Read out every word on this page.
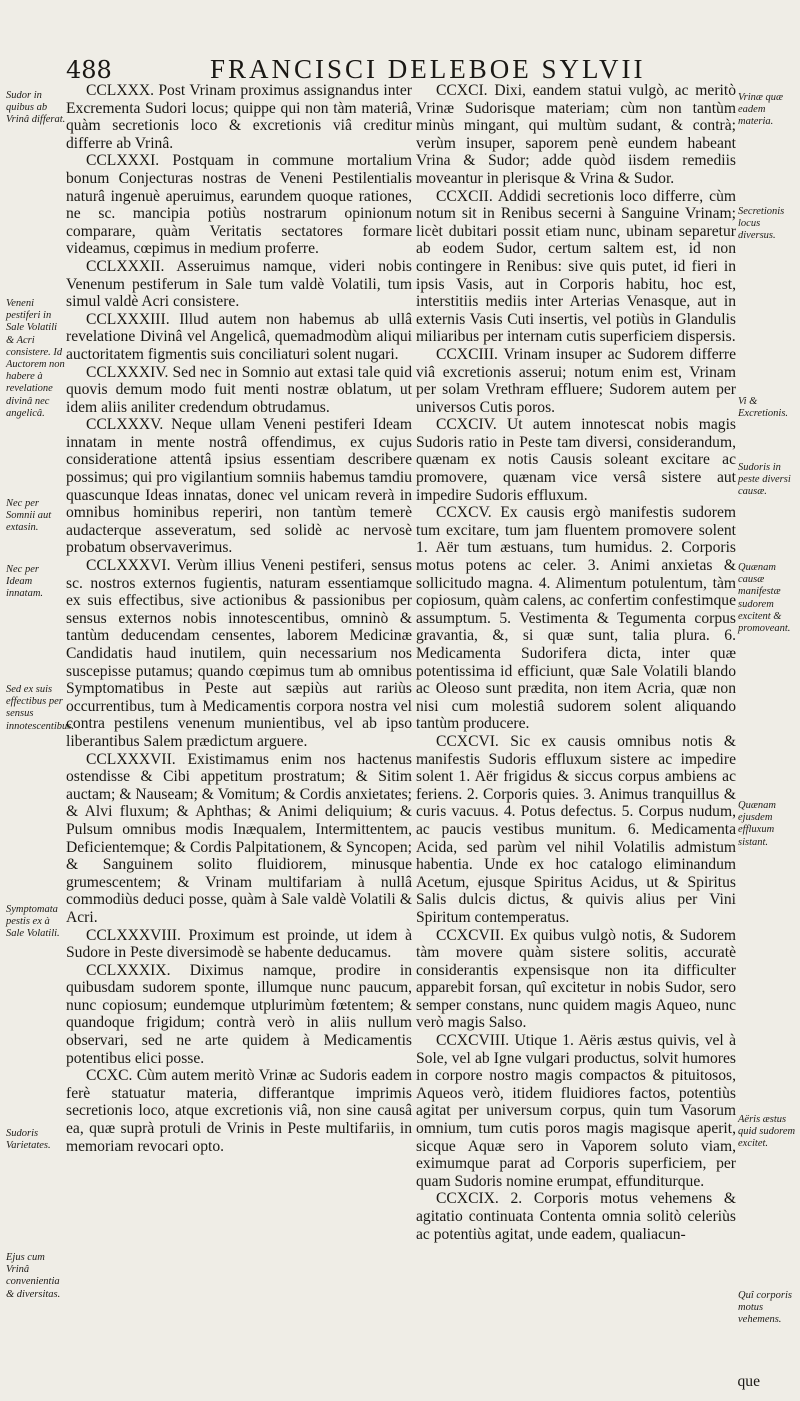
488	FRANCISCI DELEBOE SYLVII
Sudor in quibus ab Vrinâ differat.
Veneni pestiferi in Sale Volatili & Acri consistere. Id Auctorem non habere à revelatione divinâ nec angelicâ.
Nec per Somnii aut extasin.
Nec per Ideam innatam.
Sed ex suis effectibus per sensus innotescentibus.
Symptomata pestis ex à Sale Volatili.
Sudoris Varietates.
Ejus cum Vrinâ convenientia & diversitas.
Vrinæ quæ eadem materia.
Secretionis locus diversus.
Vi & Excretionis.
Sudoris in peste diversi causæ.
Quænam causæ manifestæ sudorem excitent & promoveant.
Quænam ejusdem effluxum sistant.
Aëris æstus quid sudorem excitet.
Quî corporis motus vehemens.

CCLXXX. Post Vrinam proximus assignandus inter Excrementa Sudori locus; quippe qui non tàm materiâ, quàm secretionis loco & excretionis viâ creditur differre ab Vrinâ.

CCLXXXI. Postquam in commune mortalium bonum Conjecturas nostras de Veneni Pestilentialis naturâ ingenuè aperuimus, earundem quoque rationes, ne sc. mancipia potiùs nostrarum opinionum comparare, quàm Veritatis sectatores formare videamus, cœpimus in medium proferre.

CCLXXXII. Asseruimus namque, videri nobis Venenum pestiferum in Sale tum valdè Volatili, tum simul valdè Acri consistere.

CCLXXXIII. Illud autem non habemus ab ullâ revelatione Divinâ vel Angelicâ, quemadmodùm aliqui auctoritatem figmentis suis conciliaturi solent nugari.

CCLXXXIV. Sed nec in Somnio aut extasi tale quid quovis demum modo fuit menti nostræ oblatum, ut idem aliis aniliter credendum obtrudamus.

CCLXXXV. Neque ullam Veneni pestiferi Ideam innatam in mente nostrâ offendimus, ex cujus consideratione attentâ ipsius essentiam describere possimus; qui pro vigilantium somniis habemus tamdiu quascunque Ideas innatas, donec vel unicam reverà in omnibus hominibus reperiri, non tantùm temerè audacterque asseveratum, sed solidè ac nervosè probatum observaverimus.

CCLXXXVI. Verùm illius Veneni pestiferi, sensus sc. nostros externos fugientis, naturam essentiamque ex suis effectibus, sive actionibus & passionibus per sensus externos nobis innotescentibus, omninò & tantùm deducendam censentes, laborem Medicinæ Candidatis haud inutilem, quin necessarium nos suscepisse putamus; quando cœpimus tum ab omnibus Symptomatibus in Peste aut sæpiùs aut rariùs occurrentibus, tum à Medicamentis corpora nostra vel contra pestilens venenum munientibus, vel ab ipso liberantibus Salem prædictum arguere.

CCLXXXVII. Existimamus enim nos hactenus ostendisse & Cibi appetitum prostratum; & Sitim auctam; & Nauseam; & Vomitum; & Cordis anxietates; & Alvi fluxum; & Aphthas; & Animi deliquium; & Pulsum omnibus modis Inæqualem, Intermittentem, Deficientemque; & Cordis Palpitationem, & Syncopen; & Sanguinem solito fluidiorem, minusque grumescentem; & Vrinam multifariam à nullâ commodiùs deduci posse, quàm à Sale valdè Volatili & Acri.

CCLXXXVIII. Proximum est proinde, ut idem à Sudore in Peste diversimodè se habente deducamus.

CCLXXXIX. Diximus namque, prodire in quibusdam sudorem sponte, illumque nunc paucum, nunc copiosum; eundemque utplurimùm fœtentem; & quandoque frigidum; contrà verò in aliis nullum observari, sed ne arte quidem à Medicamentis potentibus elici posse.

CCXC. Cùm autem meritò Vrinæ ac Sudoris eadem ferè statuatur materia, differantque imprimis secretionis loco, atque excretionis viâ, non sine causâ ea, quæ suprà protuli de Vrinis in Peste multifariis, in memoriam revocari opto.

CCXCI. Dixi, eandem statui vulgò, ac meritò Vrinæ Sudorisque materiam; cùm non tantùm minùs mingant, qui multùm sudant, & contrà; verùm insuper, saporem penè eundem habeant Vrina & Sudor; adde quòd iisdem remediis moveantur in plerisque & Vrina & Sudor.

CCXCII. Addidi secretionis loco differre, cùm notum sit in Renibus secerni à Sanguine Vrinam; licèt dubitari possit etiam nunc, ubinam separetur ab eodem Sudor, certum saltem est, id non contingere in Renibus: sive quis putet, id fieri in ipsis Vasis, aut in Corporis habitu, hoc est, interstitiis mediis inter Arterias Venasque, aut in externis Vasis Cuti insertis, vel potiùs in Glandulis miliaribus per internam cutis superficiem dispersis.

CCXCIII. Vrinam insuper ac Sudorem differre viâ excretionis asserui; notum enim est, Vrinam per solam Vrethram effluere; Sudorem autem per universos Cutis poros.

CCXCIV. Ut autem innotescat nobis magis Sudoris ratio in Peste tam diversi, considerandum, quænam ex notis Causis soleant excitare ac promovere, quænam vice versâ sistere aut impedire Sudoris effluxum.

CCXCV. Ex causis ergò manifestis sudorem tum excitare, tum jam fluentem promovere solent 1. Aër tum æstuans, tum humidus. 2. Corporis motus potens ac celer. 3. Animi anxietas & sollicitudo magna. 4. Alimentum potulentum, tàm copiosum, quàm calens, ac confertim confestimque assumptum. 5. Vestimenta & Tegumenta corpus gravantia, &, si quæ sunt, talia plura. 6. Medicamenta Sudorifera dicta, inter quæ potentissima id efficiunt, quæ Sale Volatili blando ac Oleoso sunt prædita, non item Acria, quæ non nisi cum molestiâ sudorem solent aliquando tantùm producere.

CCXCVI. Sic ex causis omnibus notis & manifestis Sudoris effluxum sistere ac impedire solent 1. Aër frigidus & siccus corpus ambiens ac feriens. 2. Corporis quies. 3. Animus tranquillus & curis vacuus. 4. Potus defectus. 5. Corpus nudum, ac paucis vestibus munitum. 6. Medicamenta Acida, sed parùm vel nihil Volatilis admistum habentia. Unde ex hoc catalogo eliminandum Acetum, ejusque Spiritus Acidus, ut & Spiritus Salis dulcis dictus, & quivis alius per Vini Spiritum contemperatus.

CCXCVII. Ex quibus vulgò notis, & Sudorem tàm movere quàm sistere solitis, accuratè considerantis expensisque non ita difficulter apparebit forsan, quî excitetur in nobis Sudor, sero semper constans, nunc quidem magis Aqueo, nunc verò magis Salso.

CCXCVIII. Utique 1. Aëris æstus quivis, vel à Sole, vel ab Igne vulgari productus, solvit humores in corpore nostro magis compactos & pituitosos, Aqueos verò, itidem fluidiores factos, potentiùs agitat per universum corpus, quin tum Vasorum omnium, tum cutis poros magis magisque aperit, sicque Aquæ sero in Vaporem soluto viam, eximumque parat ad Corporis superficiem, per quam Sudoris nomine erumpat, effunditurque.

CCXCIX. 2. Corporis motus vehemens & agitatio continuata Contenta omnia solitò celeriùs ac potentiùs agitat, unde eadem, qualiacun-

que
